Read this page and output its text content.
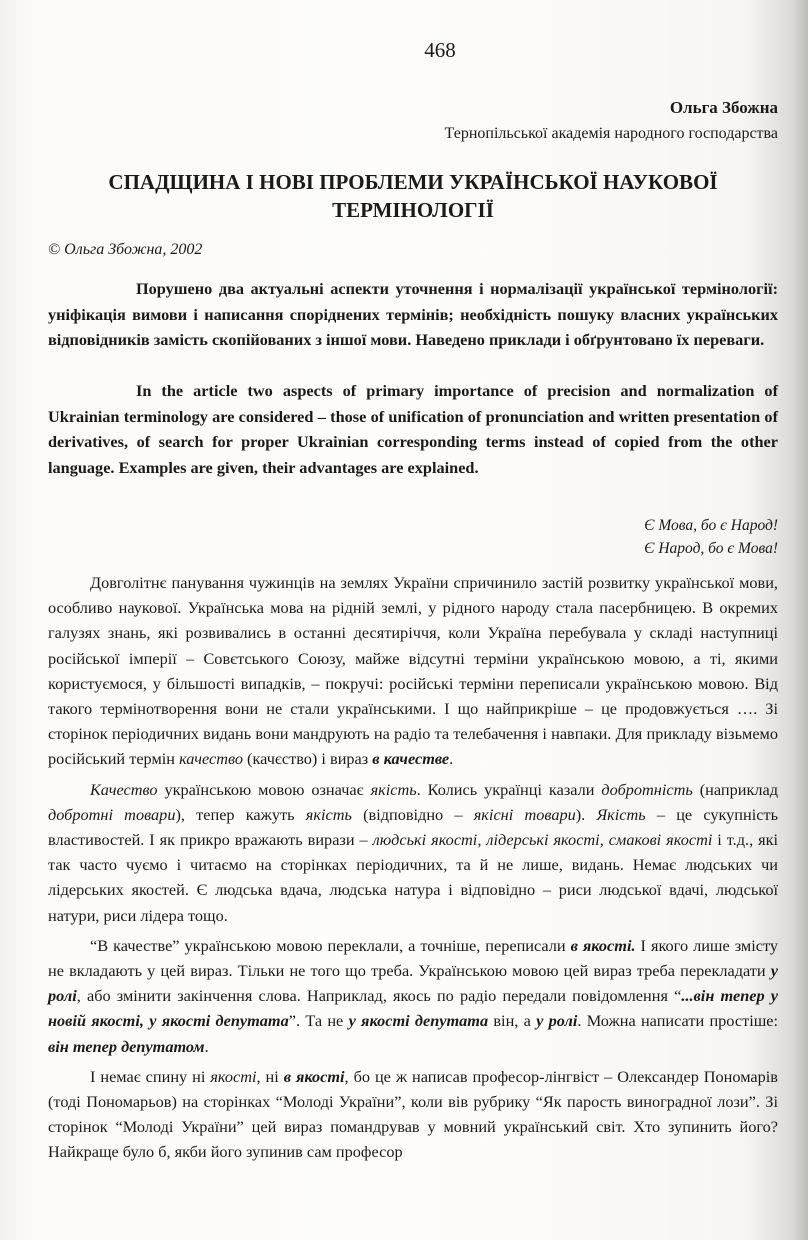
468
Ольга Збожна
Тернопільської академія народного господарства
СПАДЩИНА І НОВІ ПРОБЛЕМИ УКРАЇНСЬКОЇ НАУКОВОЇ ТЕРМІНОЛОГІЇ
© Ольга Збожна, 2002

Порушено два актуальні аспекти уточнення і нормалізації української термінології: уніфікація вимови і написання споріднених термінів; необхідність пошуку власних українських відповідників замість скопійованих з іншої мови. Наведено приклади і обґрунтовано їх переваги.

In the article two aspects of primary importance of precision and normalization of Ukrainian terminology are considered – those of unification of pronunciation and written presentation of derivatives, of search for proper Ukrainian corresponding terms instead of copied from the other language. Examples are given, their advantages are explained.

Є Мова, бо є Народ!
Є Народ, бо є Мова!

Довголітнє панування чужинців на землях України спричинило застій розвитку української мови, особливо наукової. Українська мова на рідній землі, у рідного народу стала пасербницею. В окремих галузях знань, які розвивались в останні десятиріччя, коли Україна перебувала у складі наступниці російської імперії – Совєтського Союзу, майже відсутні терміни українською мовою, а ті, якими користуємося, у більшості випадків, – покручі: російські терміни переписали українською мовою. Від такого термінотворення вони не стали українськими. І що найприкріше – це продовжується …. Зі сторінок періодичних видань вони мандрують на радіо та телебачення і навпаки. Для прикладу візьмемо російський термін качество (качєство) і вираз в качестве.

Качество українською мовою означає якість. Колись українці казали добротність (наприклад добротні товари), тепер кажуть якість (відповідно – якісні товари). Якість – це сукупність властивостей. І як прикро вражають вирази – людські якості, лідерські якості, смакові якості і т.д., які так часто чуємо і читаємо на сторінках періодичних, та й не лише, видань. Немає людських чи лідерських якостей. Є людська вдача, людська натура і відповідно – риси людської вдачі, людської натури, риси лідера тощо.

“В качестве” українською мовою переклали, а точніше, переписали в якості. І якого лише змісту не вкладають у цей вираз. Тільки не того що треба. Українською мовою цей вираз треба перекладати у ролі, або змінити закінчення слова. Наприклад, якось по радіо передали повідомлення “...він тепер у новій якості, у якості депутата”. Та не у якості депутата він, а у ролі. Можна написати простіше: він тепер депутатом.

І немає спину ні якості, ні в якості, бо це ж написав професор-лінгвіст – Олександер Пономарів (тоді Пономарьов) на сторінках “Молоді України”, коли вів рубрику “Як парость виноградної лози”. Зі сторінок “Молоді України” цей вираз помандрував у мовний український світ. Хто зупинить його? Найкраще було б, якби його зупинив сам професор
